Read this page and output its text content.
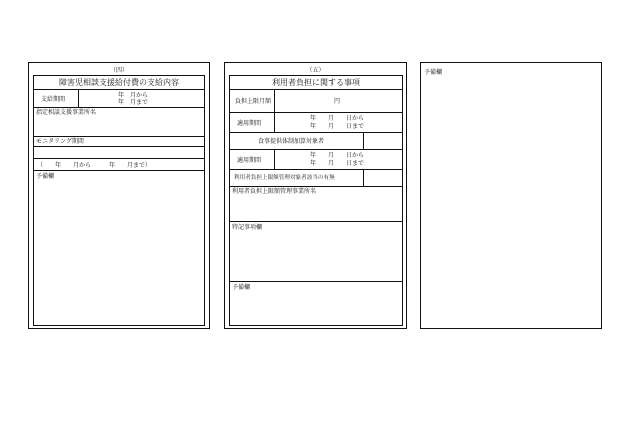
（四）
障害児相談支援給付費の支給内容
支給期間
年　月から
年　月まで
指定相談支援事業所名
モニタリング期間
（　　年　　月から　　　年　　月まで）
予備欄
（五）
利用者負担に関する事項
負担上限月額	円
適用期間
年　　月　　日から
年　　月　　日まで
食事提供体制加算対象者
適用期間
年　　月　　日から
年　　月　　日まで
利用者負担上限額管理対象者該当の有無
利用者負担上限額管理事業所名
特記事項欄
予備欄
予備欄
